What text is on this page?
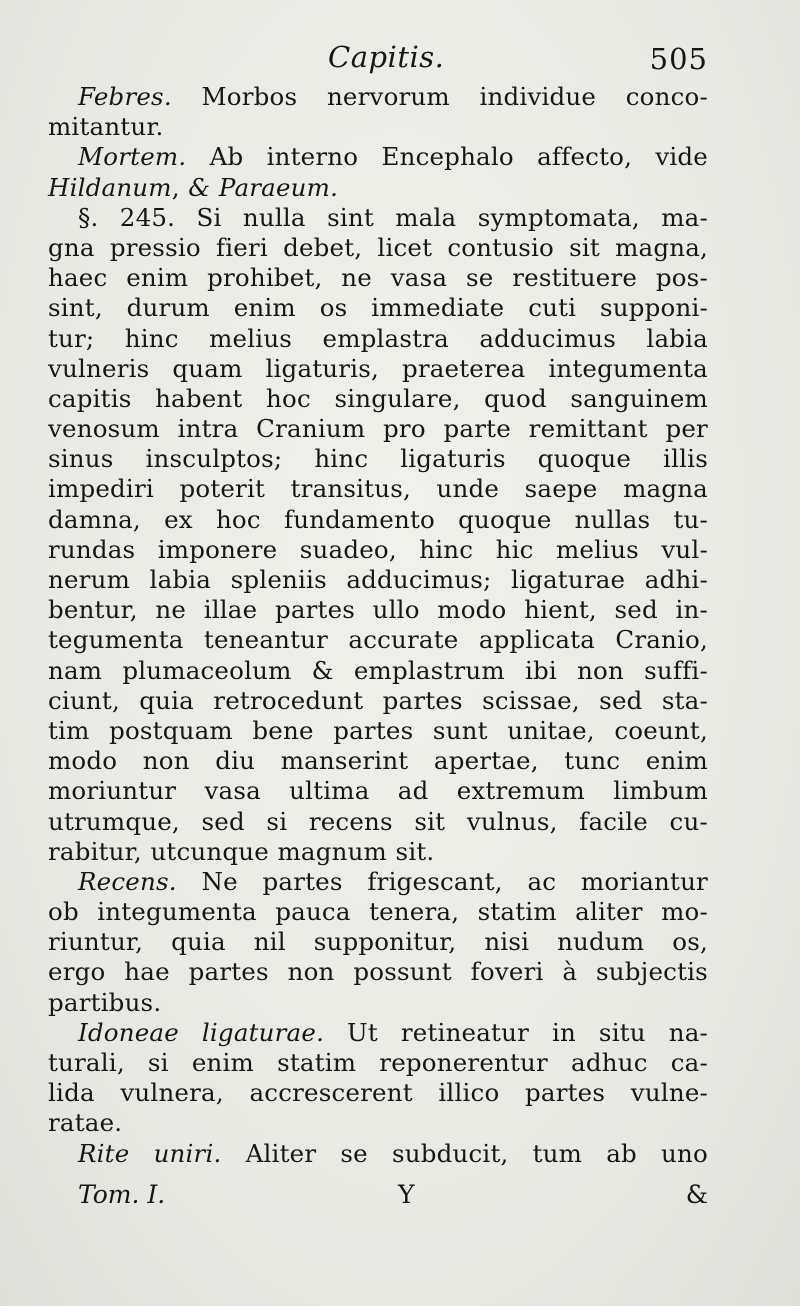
Capitis.	505
Febres. Morbos nervorum individue conco-
mitantur.
Mortem. Ab interno Encephalo affecto, vide
Hildanum, & Paraeum.
§. 245. Si nulla sint mala symptomata, ma-
gna pressio fieri debet, licet contusio sit magna,
haec enim prohibet, ne vasa se restituere pos-
sint, durum enim os immediate cuti supponi-
tur; hinc melius emplastra adducimus labia
vulneris quam ligaturis, praeterea integumenta
capitis habent hoc singulare, quod sanguinem
venosum intra Cranium pro parte remittant per
sinus insculptos; hinc ligaturis quoque illis
impediri poterit transitus, unde saepe magna
damna, ex hoc fundamento quoque nullas tu-
rundas imponere suadeo, hinc hic melius vul-
nerum labia spleniis adducimus; ligaturae adhi-
bentur, ne illae partes ullo modo hient, sed in-
tegumenta teneantur accurate applicata Cranio,
nam plumaceolum & emplastrum ibi non suffi-
ciunt, quia retrocedunt partes scissae, sed sta-
tim postquam bene partes sunt unitae, coeunt,
modo non diu manserint apertae, tunc enim
moriuntur vasa ultima ad extremum limbum
utrumque, sed si recens sit vulnus, facile cu-
rabitur, utcunque magnum sit.
Recens. Ne partes frigescant, ac moriantur
ob integumenta pauca tenera, statim aliter mo-
riuntur, quia nil supponitur, nisi nudum os,
ergo hae partes non possunt foveri à subjectis
partibus.
Idoneae ligaturae. Ut retineatur in situ na-
turali, si enim statim reponerentur adhuc ca-
lida vulnera, accrescerent illico partes vulne-
ratae.
Rite uniri. Aliter se subducit, tum ab uno
Tom. I.	Y	&
